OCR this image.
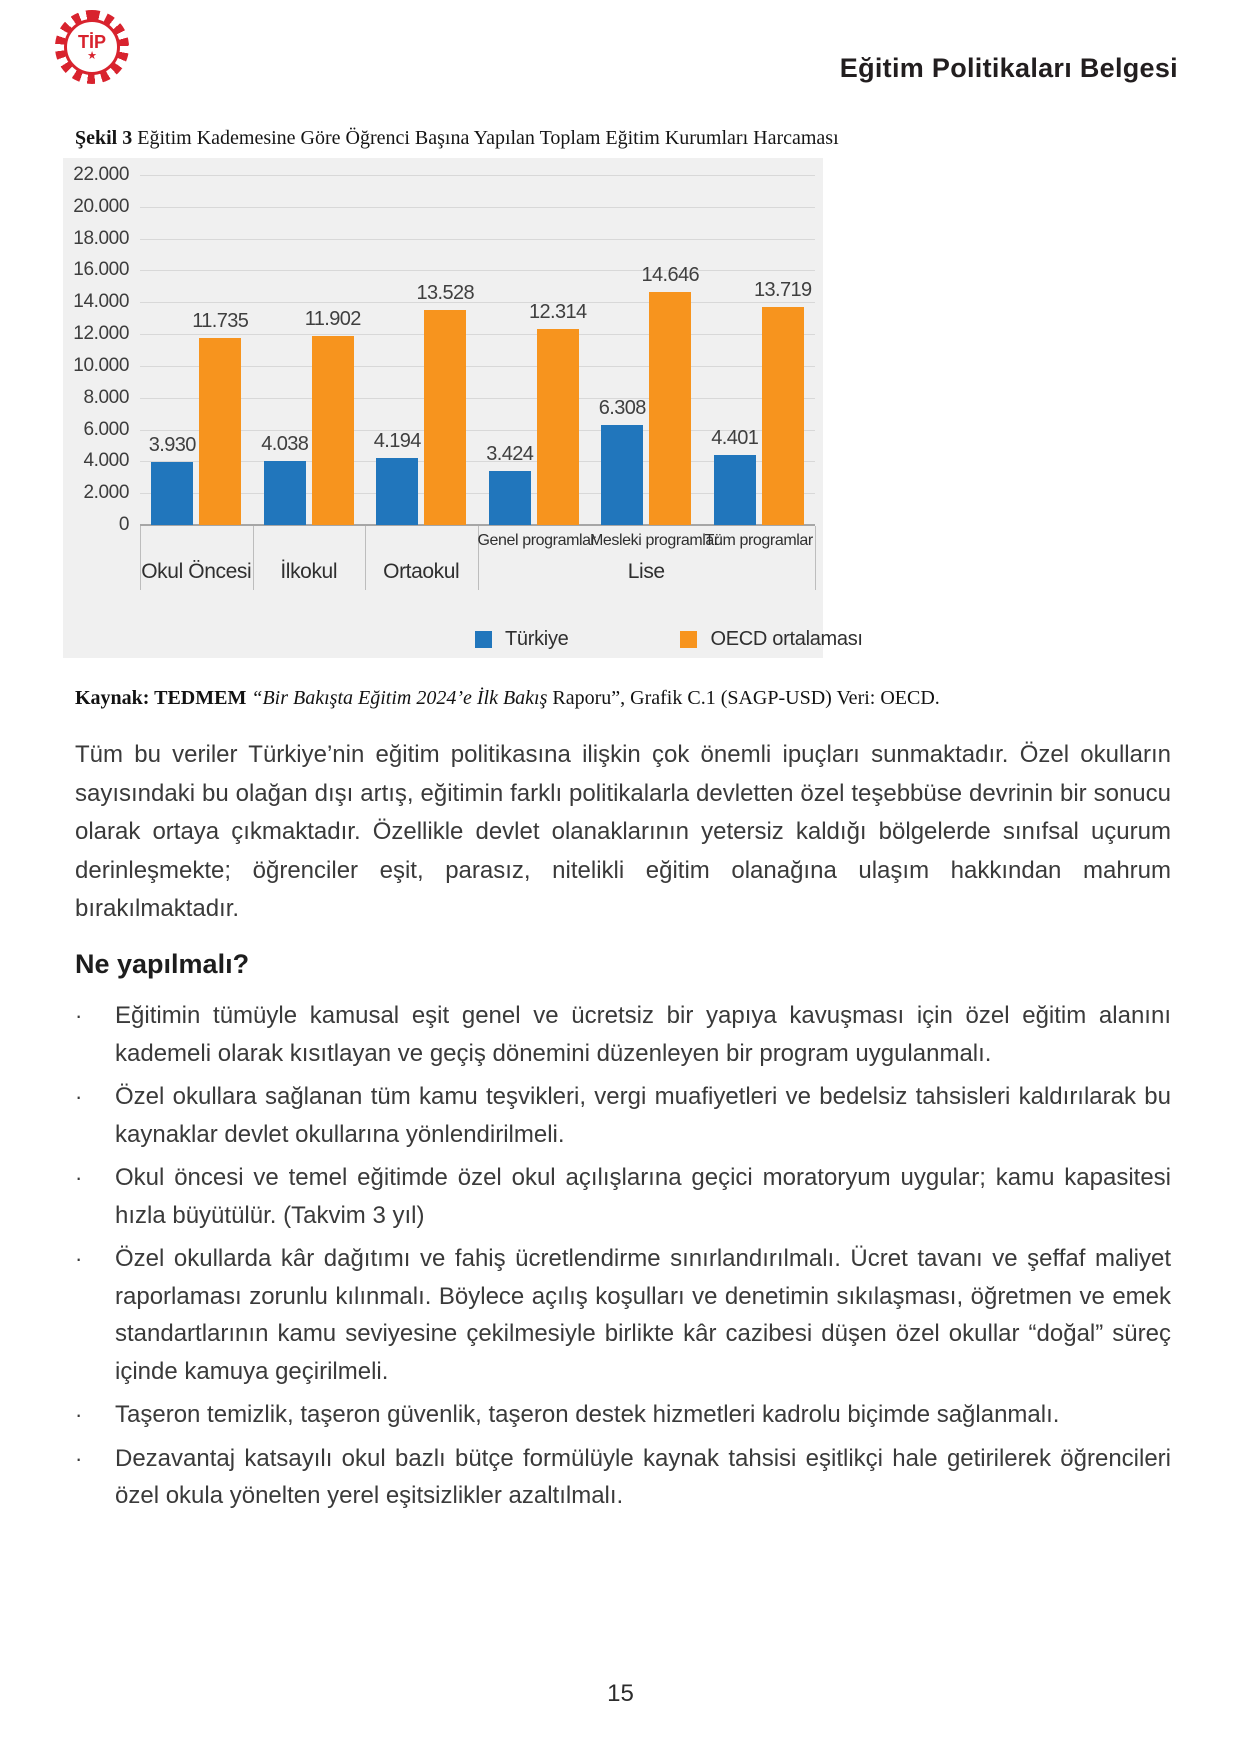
TİP
★	Eğitim Politikaları Belgesi
Şekil 3 Eğitim Kademesine Göre Öğrenci Başına Yapılan Toplam Eğitim Kurumları Harcaması
0
2.000
4.000
6.000
8.000
10.000
12.000
14.000
16.000
18.000
20.000
22.000
3.930	4.038	4.194
3.424
6.308
4.401
11.735	11.902
13.528
12.314
14.646
13.719
Genel programlar
Mesleki programlar
Tüm programlar
Okul Öncesi	İlkokul	Ortaokul	Lise
Türkiye	OECD ortalaması
Kaynak: TEDMEM “Bir Bakışta Eğitim 2024’e İlk Bakış Raporu”, Grafik C.1 (SAGP-USD) Veri: OECD.
Tüm bu veriler Türkiye’nin eğitim politikasına ilişkin çok önemli ipuçları sunmaktadır. Özel okulların sayısındaki bu olağan dışı artış, eğitimin farklı politikalarla devletten özel teşebbüse devrinin bir sonucu olarak ortaya çıkmaktadır. Özellikle devlet olanaklarının yetersiz kaldığı bölgelerde sınıfsal uçurum derinleşmekte; öğrenciler eşit, parasız, nitelikli eğitim olanağına ulaşım hakkından mahrum bırakılmaktadır.
Ne yapılmalı?
·	Eğitimin tümüyle kamusal eşit genel ve ücretsiz bir yapıya kavuşması için özel eğitim alanını kademeli olarak kısıtlayan ve geçiş dönemini düzenleyen bir program uygulanmalı.
·	Özel okullara sağlanan tüm kamu teşvikleri, vergi muafiyetleri ve bedelsiz tahsisleri kaldırılarak bu kaynaklar devlet okullarına yönlendirilmeli.
·	Okul öncesi ve temel eğitimde özel okul açılışlarına geçici moratoryum uygular; kamu kapasitesi hızla büyütülür. (Takvim 3 yıl)
·	Özel okullarda kâr dağıtımı ve fahiş ücretlendirme sınırlandırılmalı. Ücret tavanı ve şeffaf maliyet raporlaması zorunlu kılınmalı. Böylece açılış koşulları ve denetimin sıkılaşması, öğretmen ve emek standartlarının kamu seviyesine çekilmesiyle birlikte kâr cazibesi düşen özel okullar “doğal” süreç içinde kamuya geçirilmeli.
·	Taşeron temizlik, taşeron güvenlik, taşeron destek hizmetleri kadrolu biçimde sağlanmalı.
·	Dezavantaj katsayılı okul bazlı bütçe formülüyle kaynak tahsisi eşitlikçi hale getirilerek öğrencileri özel okula yönelten yerel eşitsizlikler azaltılmalı.
15
